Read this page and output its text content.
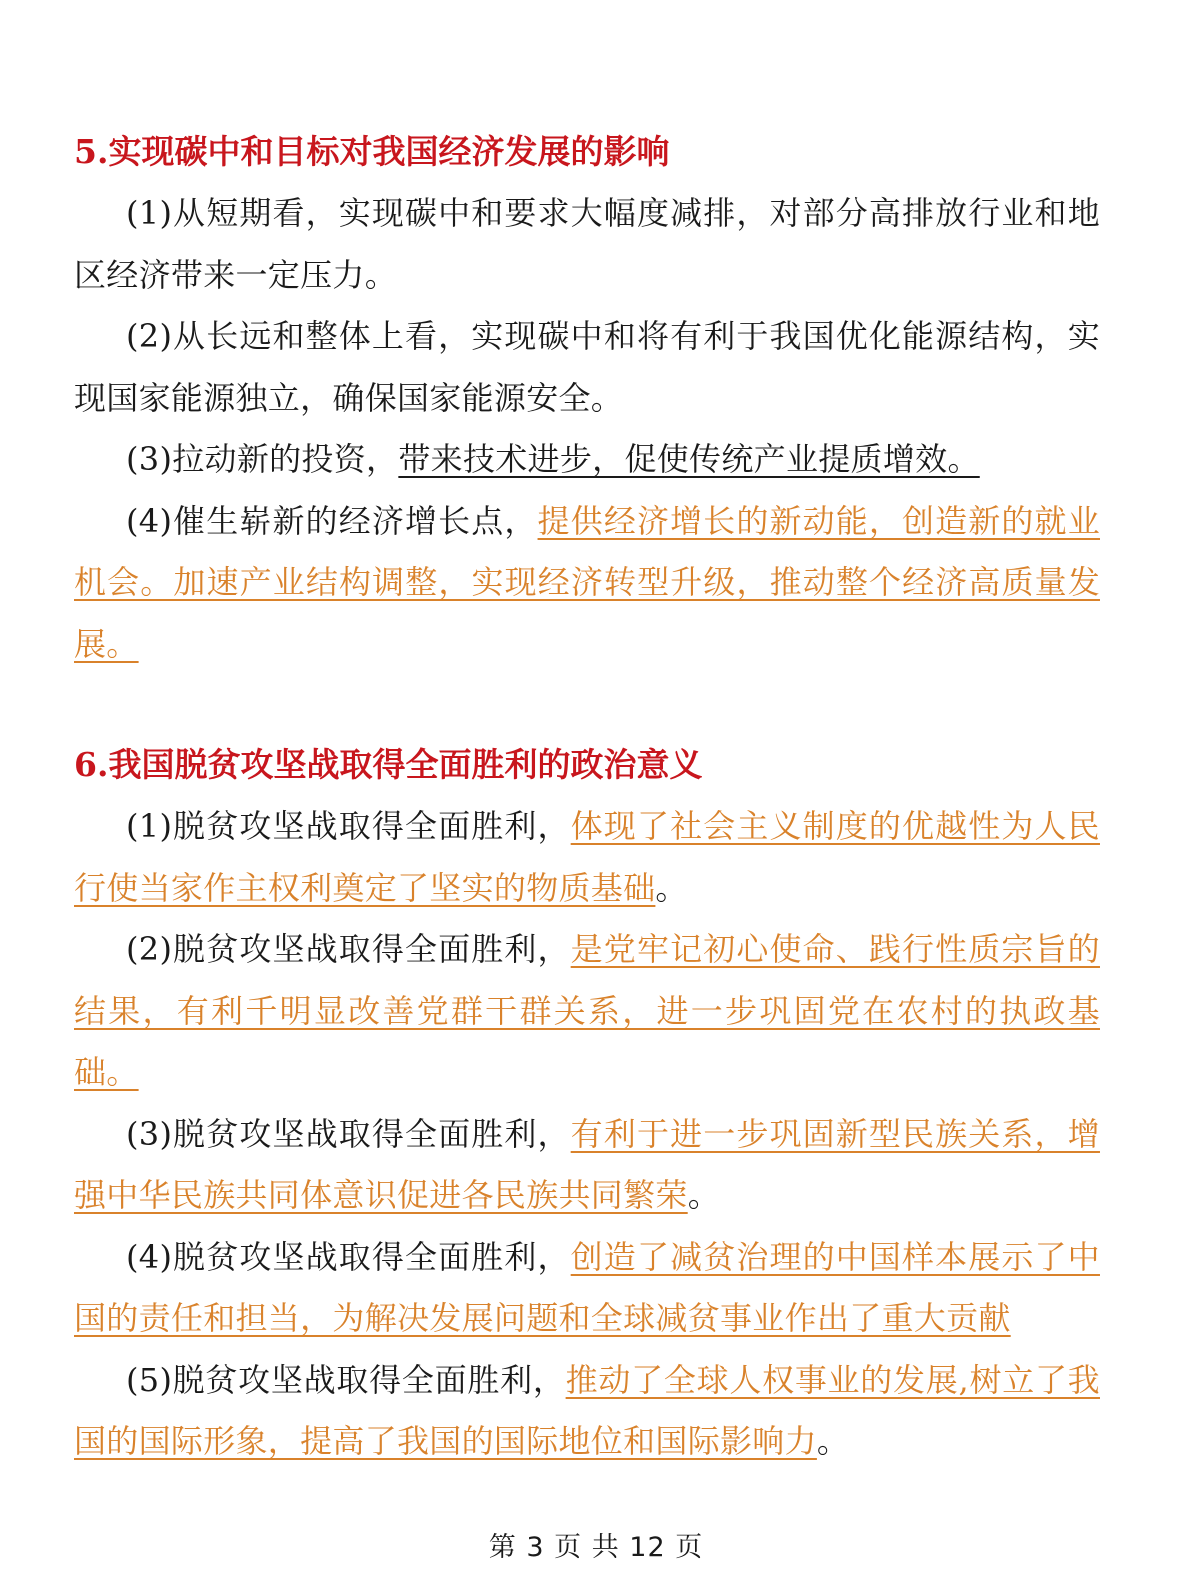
5.实现碳中和目标对我国经济发展的影响

(1)从短期看，实现碳中和要求大幅度减排，对部分高排放行业和地区经济带来一定压力。

(2)从长远和整体上看，实现碳中和将有利于我国优化能源结构，实现国家能源独立，确保国家能源安全。

(3)拉动新的投资，带来技术进步，促使传统产业提质增效。

(4)催生崭新的经济增长点，提供经济增长的新动能，创造新的就业机会。加速产业结构调整，实现经济转型升级，推动整个经济高质量发展。

6.我国脱贫攻坚战取得全面胜利的政治意义

(1)脱贫攻坚战取得全面胜利，体现了社会主义制度的优越性为人民行使当家作主权利奠定了坚实的物质基础。

(2)脱贫攻坚战取得全面胜利，是党牢记初心使命、践行性质宗旨的结果，有利千明显改善党群干群关系，进一步巩固党在农村的执政基础。

(3)脱贫攻坚战取得全面胜利，有利于进一步巩固新型民族关系，增强中华民族共同体意识促进各民族共同繁荣。

(4)脱贫攻坚战取得全面胜利，创造了减贫治理的中国样本展示了中国的责任和担当，为解决发展问题和全球减贫事业作出了重大贡献

(5)脱贫攻坚战取得全面胜利，推动了全球人权事业的发展,树立了我国的国际形象，提高了我国的国际地位和国际影响力。

第 3 页 共 12 页
